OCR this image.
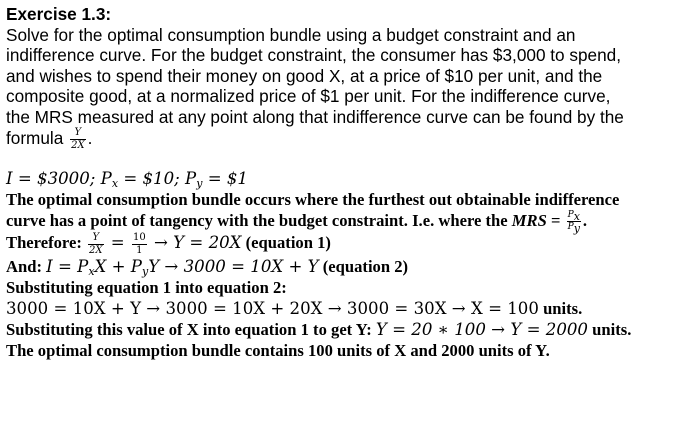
Exercise 1.3:
Solve for the optimal consumption bundle using a budget constraint and an
indifference curve. For the budget constraint, the consumer has $3,000 to spend,
and wishes to spend their money on good X, at a price of $10 per unit, and the
composite good, at a normalized price of $1 per unit. For the indifference curve,
the MRS measured at any point along that indifference curve can be found by the
formula $\frac{Y}{2X}$ .
I = $3000; $P_x$ = $10; $P_y$ = $1
The optimal consumption bundle occurs where the furthest out obtainable indifference
curve has a point of tangency with the budget constraint. I.e. where the MRS = $\frac{P_x}{P_y}$ .
Therefore: $\frac{Y}{2X} = \frac{10}{1} \to Y = 20X$ (equation 1)
And: $I = P_xX + P_yY \to 3000 = 10X + Y$ (equation 2)
Substituting equation 1 into equation 2:
3000 = 10X + Y → 3000 = 10X + 20X → 3000 = 30X → X = 100 units.
Substituting this value of X into equation 1 to get Y: Y = 20 ∗ 100 → Y = 2000 units.
The optimal consumption bundle contains 100 units of X and 2000 units of Y.
